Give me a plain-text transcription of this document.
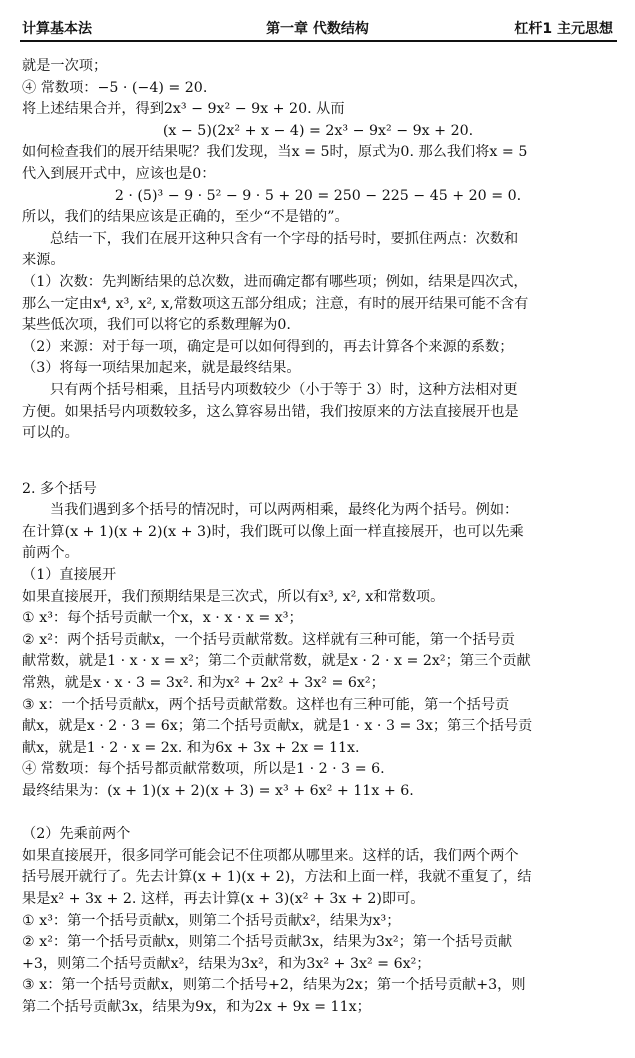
计算基本法	第一章 代数结构	杠杆1 主元思想
就是一次项；
④ 常数项：−5 · (−4) = 20.
将上述结果合并，得到2x³ − 9x² − 9x + 20. 从而
(x − 5)(2x² + x − 4) = 2x³ − 9x² − 9x + 20.
如何检查我们的展开结果呢？我们发现，当x = 5时，原式为0. 那么我们将x = 5
代入到展开式中，应该也是0：
2 · (5)³ − 9 · 5² − 9 · 5 + 20 = 250 − 225 − 45 + 20 = 0.
所以，我们的结果应该是正确的，至少“不是错的”。
总结一下，我们在展开这种只含有一个字母的括号时，要抓住两点：次数和
来源。
（1）次数：先判断结果的总次数，进而确定都有哪些项；例如，结果是四次式，
那么一定由x⁴, x³, x², x,常数项这五部分组成；注意，有时的展开结果可能不含有
某些低次项，我们可以将它的系数理解为0.
（2）来源：对于每一项，确定是可以如何得到的，再去计算各个来源的系数；
（3）将每一项结果加起来，就是最终结果。
只有两个括号相乘，且括号内项数较少（小于等于 3）时，这种方法相对更
方便。如果括号内项数较多，这么算容易出错，我们按原来的方法直接展开也是
可以的。
2. 多个括号
当我们遇到多个括号的情况时，可以两两相乘，最终化为两个括号。例如：
在计算(x + 1)(x + 2)(x + 3)时，我们既可以像上面一样直接展开，也可以先乘
前两个。
（1）直接展开
如果直接展开，我们预期结果是三次式，所以有x³, x², x和常数项。
① x³：每个括号贡献一个x，x · x · x = x³；
② x²：两个括号贡献x，一个括号贡献常数。这样就有三种可能，第一个括号贡
献常数，就是1 · x · x = x²；第二个贡献常数，就是x · 2 · x = 2x²；第三个贡献
常熟，就是x · x · 3 = 3x². 和为x² + 2x² + 3x² = 6x²；
③ x：一个括号贡献x，两个括号贡献常数。这样也有三种可能，第一个括号贡
献x，就是x · 2 · 3 = 6x；第二个括号贡献x，就是1 · x · 3 = 3x；第三个括号贡
献x，就是1 · 2 · x = 2x. 和为6x + 3x + 2x = 11x.
④ 常数项：每个括号都贡献常数项，所以是1 · 2 · 3 = 6.
最终结果为：(x + 1)(x + 2)(x + 3) = x³ + 6x² + 11x + 6.
（2）先乘前两个
如果直接展开，很多同学可能会记不住项都从哪里来。这样的话，我们两个两个
括号展开就行了。先去计算(x + 1)(x + 2)，方法和上面一样，我就不重复了，结
果是x² + 3x + 2. 这样，再去计算(x + 3)(x² + 3x + 2)即可。
① x³：第一个括号贡献x，则第二个括号贡献x²，结果为x³；
② x²：第一个括号贡献x，则第二个括号贡献3x，结果为3x²；第一个括号贡献
+3，则第二个括号贡献x²，结果为3x²，和为3x² + 3x² = 6x²；
③ x：第一个括号贡献x，则第二个括号+2，结果为2x；第一个括号贡献+3，则
第二个括号贡献3x，结果为9x，和为2x + 9x = 11x；
